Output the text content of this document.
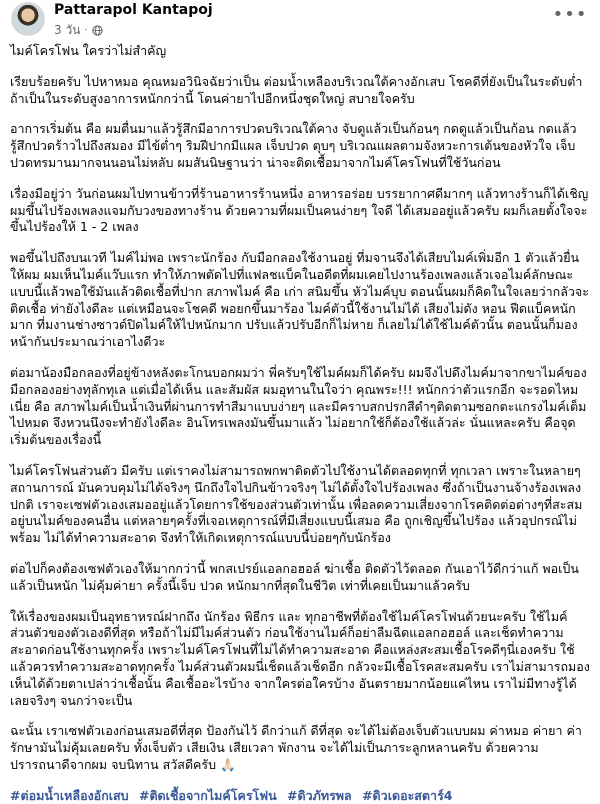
Pattarapol Kantapoj
3 วัน ·
•••

ไมค์โครโฟน ใครว่าไม่สำคัญ

เรียบร้อยครับ ไปหาหมอ คุณหมอวินิจฉัยว่าเป็น ต่อมน้ำเหลืองบริเวณใต้คางอักเสบ โชคดีที่ยังเป็นในระดับต่ำ ถ้าเป็นในระดับสูงอาการหนักกว่านี้ โดนค่ายาไปอีกหนึ่งชุดใหญ่ สบายใจครับ

อาการเริ่มต้น คือ ผมตื่นมาแล้วรู้สึกมีอาการปวดบริเวณใต้คาง จับดูแล้วเป็นก้อนๆ กดดูแล้วเป็นก้อน กดแล้วรู้สึกปวดร้าวไปถึงสมอง มีไข้ต่ำๆ ริมฝีปากมีแผล เจ็บปวด ตุบๆ บริเวณแผลตามจังหวะการเต้นของหัวใจ เจ็บปวดทรมานมากจนนอนไม่หลับ ผมสันนิษฐานว่า น่าจะติดเชื้อมาจากไมค์โครโฟนที่ใช้วันก่อน

เรื่องมีอยู่ว่า วันก่อนผมไปทานข้าวที่ร้านอาหารร้านหนึ่ง อาหารอร่อย บรรยากาศดีมากๆ แล้วทางร้านก็ได้เชิญผมขึ้นไปร้องเพลงแจมกับวงของทางร้าน ด้วยความที่ผมเป็นคนง่ายๆ ใจดี ได้เสมออยู่แล้วครับ ผมก็เลยตั้งใจจะขึ้นไปร้องให้ 1 - 2 เพลง

พอขึ้นไปถึงบนเวที ไมค์ไม่พอ เพราะนักร้อง กับมือกลองใช้งานอยู่ ที่มจานจึงได้เสียบไมค์เพิ่มอีก 1 ตัวแล้วยื่นให้ผม ผมเห็นไมค์แว๊บแรก ทำให้ภาพตัดไปที่แฟลชแบ็คในอดีตที่ผมเคยไปงานร้องเพลงแล้วเจอไมค์ลักษณะแบบนี้แล้วพอใช้มันแล้วติดเชื้อที่ปาก สภาพไมค์ คือ เก่า สนิมขึ้น หัวไมค์บุบ ตอนนั้นผมก็คิดในใจเลยว่ากลัวจะติดเชื้อ ท่ายังไงดีละ แต่เหมือนจะโชคดี พอยกขึ้นมาร้อง ไมค์ตัวนี้ใช้งานไม่ได้ เสียงไม่ดัง หอน ฟีดแบ็คหนักมาก ที่มงานช่างซาวด์ปิดไมค์ให้ไปหนักมาก ปรับแล้วปรับอีกก็ไม่หาย ก็เลยไม่ได้ใช้ไมค์ตัวนั้น ตอนนั้นก็มองหน้ากันประมาณว่าเอาไงดีวะ

ต่อมาน้องมือกลองที่อยู่ข้างหลังตะโกนบอกผมว่า พี่ครับๆใช้ไมค์ผมก็ได้ครับ ผมจึงไปดึงไมค์มาจากขาไมค์ของมือกลองอย่างทุลักทุเล แต่เมื่อได้เห็น และสัมผัส ผมอุทานในใจว่า คุณพระ!!! หนักกว่าตัวแรกอีก จะรอดไหมเนี่ย คือ สภาพไมค์เป็นน้ำเงินที่ผ่านการทำสีมาแบบง่ายๆ และมีคราบสกปรกสีดำๆติดตามซอกตะแกรงไมค์เต็มไปหมด จึงหวนนึงจะทำยังไงดีละ อินโทรเพลงมันขึ้นมาแล้ว ไม่อยากใช้ก็ต้องใช้แล้วล่ะ นั่นแหละครับ คือจุดเริ่มต้นของเรื่องนี้

ไมค์โครโฟนส่วนตัว มีครับ แต่เราคงไม่สามารถพกพาติดตัวไปใช้งานได้ตลอดทุกที่ ทุกเวลา เพราะในหลายๆสถานการณ์ มันควบคุมไม่ได้จริงๆ นึกถึงใจไปกินข้าวจริงๆ ไม่ได้ตั้งใจไปร้องเพลง ซึ่งถ้าเป็นงานจ้างร้องเพลงปกติ เราจะเซฟตัวเองเสมออยู่แล้วโดยการใช้ของส่วนตัวเท่านั้น เพื่อลดความเสี่ยงจากโรคติดต่อต่างๆที่สะสมอยู่บนไมค์ของคนอื่น แต่หลายๆครั้งที่เจอเหตุการณ์ที่มีเสี่ยงแบบนี้เสมอ คือ ถูกเชิญขึ้นไปร้อง แล้วอุปกรณ์ไม่พร้อม ไม่ได้ทำความสะอาด จึงทำให้เกิดเหตุการณ์แบบนี้บ่อยๆกับนักร้อง

ต่อไปก็คงต้องเซฟตัวเองให้มากกว่านี้ พกสเปรย์แอลกอฮอล์ ฆ่าเชื้อ ติดตัวไว้ตลอด กันเอาไว้ดีกว่าแก้ พอเป็นแล้วเป็นหนัก ไม่คุ้มค่ายา ครั้งนี้เจ็บ ปวด หนักมากที่สุดในชีวิต เท่าที่เคยเป็นมาแล้วครับ

ให้เรื่องของผมเป็นอุทธาหรณ์ฝากถึง นักร้อง พิธีกร และ ทุกอาชีพที่ต้องใช้ไมค์โครโฟนด้วยนะครับ ใช้ไมค์ส่วนตัวของตัวเองดีที่สุด หรือถ้าไม่มีไมค์ส่วนตัว ก่อนใช้งานไมค์ก็อย่าลืมฉีดแอลกอฮอล์ และเช็ดทำความสะอาดก่อนใช้งานทุกครั้ง เพราะไมค์โครโฟนที่ไม่ได้ทำความสะอาด คือแหล่งสะสมเชื้อโรคดีๆนี่เองครับ ใช้แล้วควรทำความสะอาดทุกครั้ง ไมค์ส่วนตัวผมนี่เช็ดแล้วเช็ดอีก กลัวจะมีเชื้อโรคสะสมครับ เราไม่สามารถมองเห็นได้ด้วยตาเปล่าว่าเชื้อนั้น คือเชื้ออะไรบ้าง จากใครต่อใครบ้าง อันตรายมากน้อยแค่ไหน เราไม่มีทางรู้ได้เลยจริงๆ จนกว่าจะเป็น

ฉะนั้น เราเซฟตัวเองก่อนเสมอดีที่สุด ป้องกันไว้ ดีกว่าแก้ ดีที่สุด จะได้ไม่ต้องเจ็บตัวแบบผม ค่าหมอ ค่ายา ค่ารักษามันไม่คุ้มเลยครับ ทั้งเจ็บตัว เสียเงิน เสียเวลา พักงาน จะได้ไม่เป็นภาระลูกหลานครับ ด้วยความปรารถนาดีจากผม จบนิทาน สวัสดีครับ 🙏🏻

#ต่อมน้ำเหลืองอักเสบ #ติดเชื้อจากไมค์โครโฟน #ดิวภัทรพล #ดิวเดอะสตาร์4
